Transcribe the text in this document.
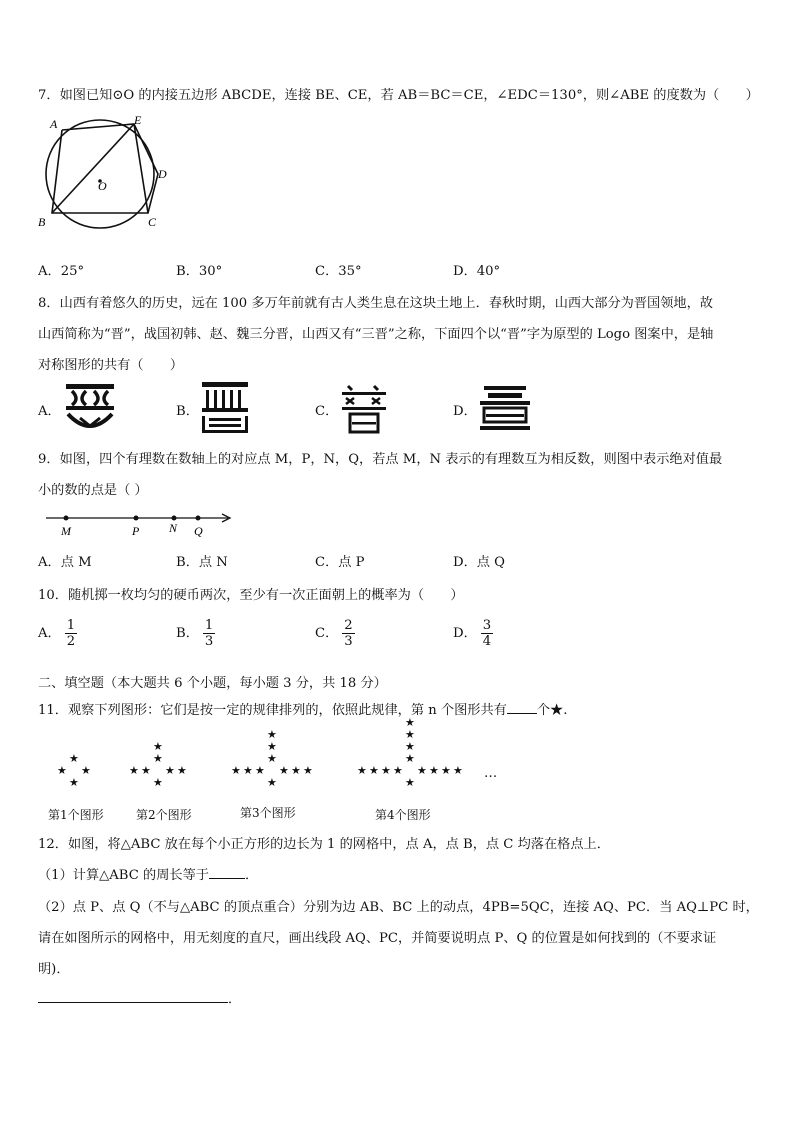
7．如图已知⊙O 的内接五边形 ABCDE，连接 BE、CE，若 AB＝BC＝CE，∠EDC＝130°，则∠ABE 的度数为（　　）
A	E
D
O
B	C
A．25°	B．30°	C．35°	D．40°
8．山西有着悠久的历史，远在 100 多万年前就有古人类生息在这块土地上．春秋时期，山西大部分为晋国领地，故
山西简称为“晋”，战国初韩、赵、魏三分晋，山西又有“三晋”之称，下面四个以“晋”字为原型的 Logo 图案中，是轴
对称图形的共有（　　）
A．	B．	C．	D．
9．如图，四个有理数在数轴上的对应点 M，P，N，Q，若点 M，N 表示的有理数互为相反数，则图中表示绝对值最
小的数的点是（ ）
M	P N Q
A．点 M	B．点 N	C．点 P	D．点 Q
10．随机掷一枚均匀的硬币两次，至少有一次正面朝上的概率为（　　）
A． $\frac{1}{2}$	B． $\frac{1}{3}$	C． $\frac{2}{3}$	D． $\frac{3}{4}$
二、填空题（本大题共 6 个小题，每小题 3 分，共 18 分）
11．观察下列图形：它们是按一定的规律排列的，依照此规律，第 n 个图形共有 个★.
★
★ ★
★
★
★
★
★ ★ ★
★
★
★
★
★
★
★	★ ★ ★
★
★
★
★
★
★
★
★
★	★ ★ ★ ★
★
…
第1个图形	第2个图形	第3个图形	第4个图形
12．如图，将△ABC 放在每个小正方形的边长为 1 的网格中，点 A，点 B，点 C 均落在格点上．
（1）计算△ABC 的周长等于	．
（2）点 P、点 Q（不与△ABC 的顶点重合）分别为边 AB、BC 上的动点，4PB=5QC，连接 AQ、PC．当 AQ⊥PC 时，
请在如图所示的网格中，用无刻度的直尺，画出线段 AQ、PC，并简要说明点 P、Q 的位置是如何找到的（不要求证
明)．
．
